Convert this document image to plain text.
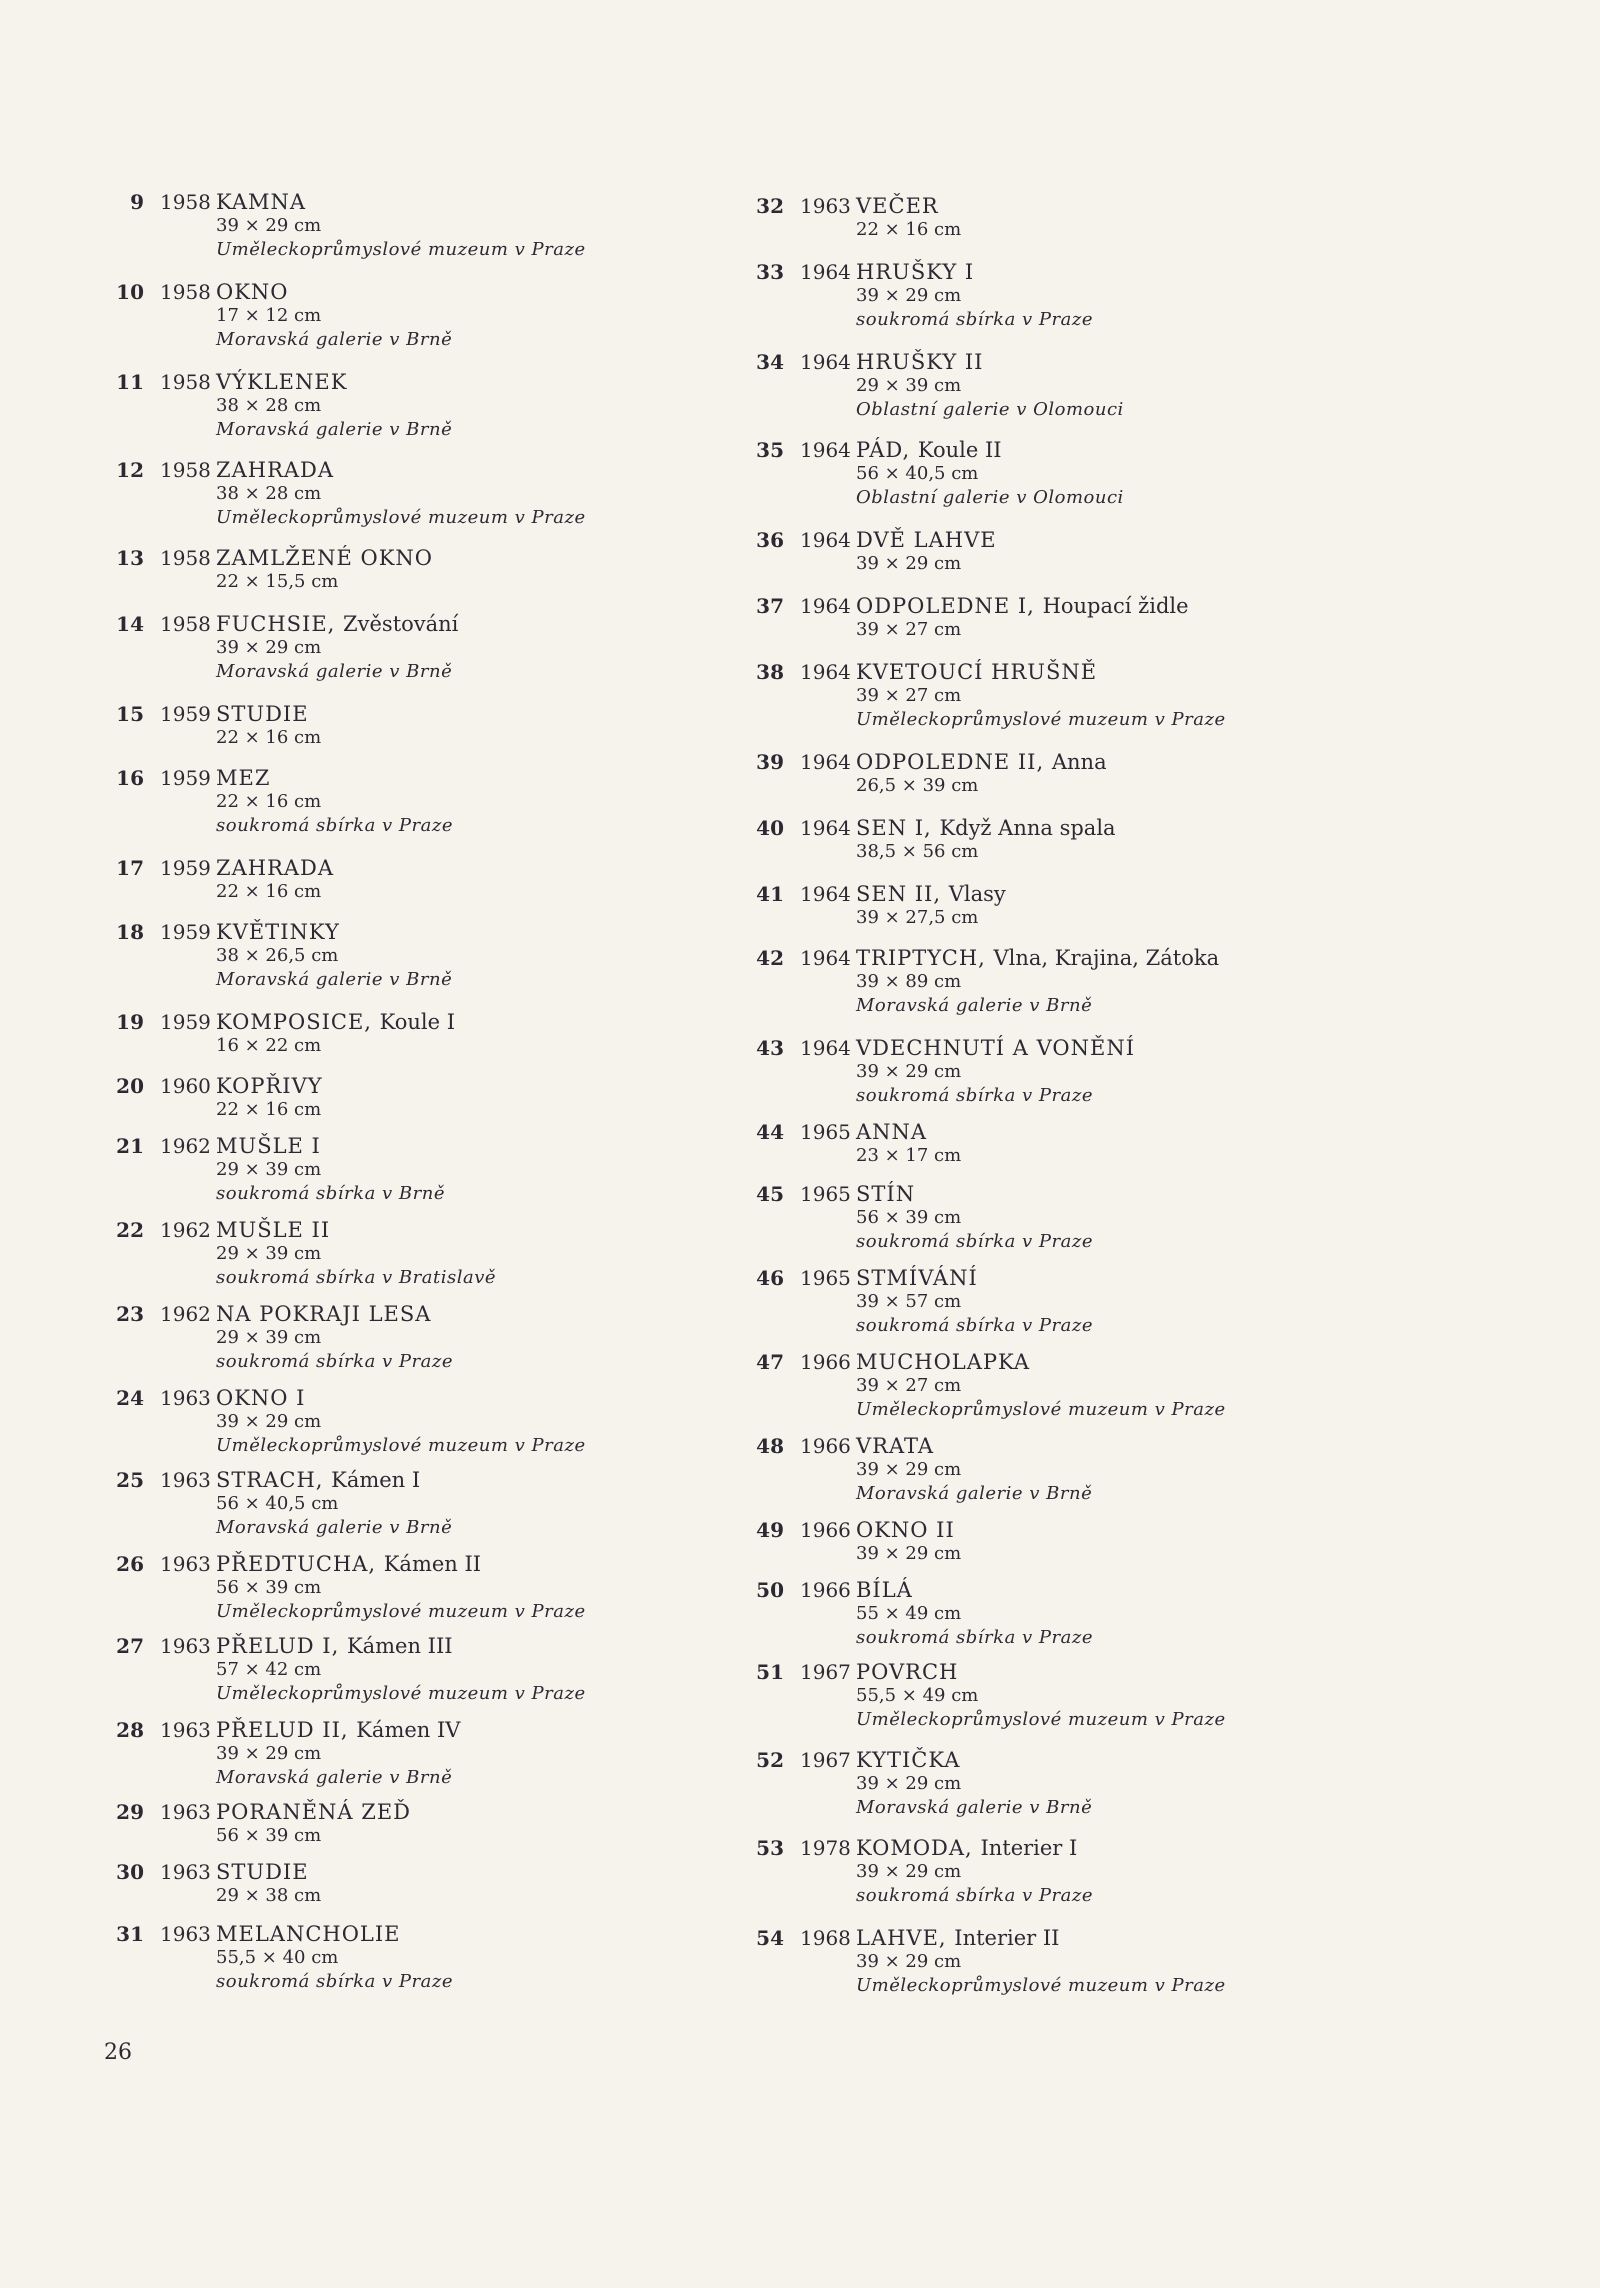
9 1958 KAMNA
39 × 29 cm
Uměleckoprůmyslové muzeum v Praze
10 1958 OKNO
17 × 12 cm
Moravská galerie v Brně
11 1958 VÝKLENEK
38 × 28 cm
Moravská galerie v Brně
12 1958 ZAHRADA
38 × 28 cm
Uměleckoprůmyslové muzeum v Praze
13 1958 ZAMLŽENÉ OKNO
22 × 15,5 cm
14 1958 FUCHSIE, Zvěstování
39 × 29 cm
Moravská galerie v Brně
15 1959 STUDIE
22 × 16 cm
16 1959 MEZ
22 × 16 cm
soukromá sbírka v Praze
17 1959 ZAHRADA
22 × 16 cm
18 1959 KVĚTINKY
38 × 26,5 cm
Moravská galerie v Brně
19 1959 KOMPOSICE, Koule I
16 × 22 cm
20 1960 KOPŘIVY
22 × 16 cm
21 1962 MUŠLE I
29 × 39 cm
soukromá sbírka v Brně
22 1962 MUŠLE II
29 × 39 cm
soukromá sbírka v Bratislavě
23 1962 NA POKRAJI LESA
29 × 39 cm
soukromá sbírka v Praze
24 1963 OKNO I
39 × 29 cm
Uměleckoprůmyslové muzeum v Praze
25 1963 STRACH, Kámen I
56 × 40,5 cm
Moravská galerie v Brně
26 1963 PŘEDTUCHA, Kámen II
56 × 39 cm
Uměleckoprůmyslové muzeum v Praze
27 1963 PŘELUD I, Kámen III
57 × 42 cm
Uměleckoprůmyslové muzeum v Praze
28 1963 PŘELUD II, Kámen IV
39 × 29 cm
Moravská galerie v Brně
29 1963 PORANĚNÁ ZEĎ
56 × 39 cm
30 1963 STUDIE
29 × 38 cm
31 1963 MELANCHOLIE
55,5 × 40 cm
soukromá sbírka v Praze
32 1963 VEČER
22 × 16 cm
33 1964 HRUŠKY I
39 × 29 cm
soukromá sbírka v Praze
34 1964 HRUŠKY II
29 × 39 cm
Oblastní galerie v Olomouci
35 1964 PÁD, Koule II
56 × 40,5 cm
Oblastní galerie v Olomouci
36 1964 DVĚ LAHVE
39 × 29 cm
37 1964 ODPOLEDNE I, Houpací židle
39 × 27 cm
38 1964 KVETOUCÍ HRUŠNĚ
39 × 27 cm
Uměleckoprůmyslové muzeum v Praze
39 1964 ODPOLEDNE II, Anna
26,5 × 39 cm
40 1964 SEN I, Když Anna spala
38,5 × 56 cm
41 1964 SEN II, Vlasy
39 × 27,5 cm
42 1964 TRIPTYCH, Vlna, Krajina, Zátoka
39 × 89 cm
Moravská galerie v Brně
43 1964 VDECHNUTÍ A VONĚNÍ
39 × 29 cm
soukromá sbírka v Praze
44 1965 ANNA
23 × 17 cm
45 1965 STÍN
56 × 39 cm
soukromá sbírka v Praze
46 1965 STMÍVÁNÍ
39 × 57 cm
soukromá sbírka v Praze
47 1966 MUCHOLAPKA
39 × 27 cm
Uměleckoprůmyslové muzeum v Praze
48 1966 VRATA
39 × 29 cm
Moravská galerie v Brně
49 1966 OKNO II
39 × 29 cm
50 1966 BÍLÁ
55 × 49 cm
soukromá sbírka v Praze
51 1967 POVRCH
55,5 × 49 cm
Uměleckoprůmyslové muzeum v Praze
52 1967 KYTIČKA
39 × 29 cm
Moravská galerie v Brně
53 1978 KOMODA, Interier I
39 × 29 cm
soukromá sbírka v Praze
54 1968 LAHVE, Interier II
39 × 29 cm
Uměleckoprůmyslové muzeum v Praze
26
